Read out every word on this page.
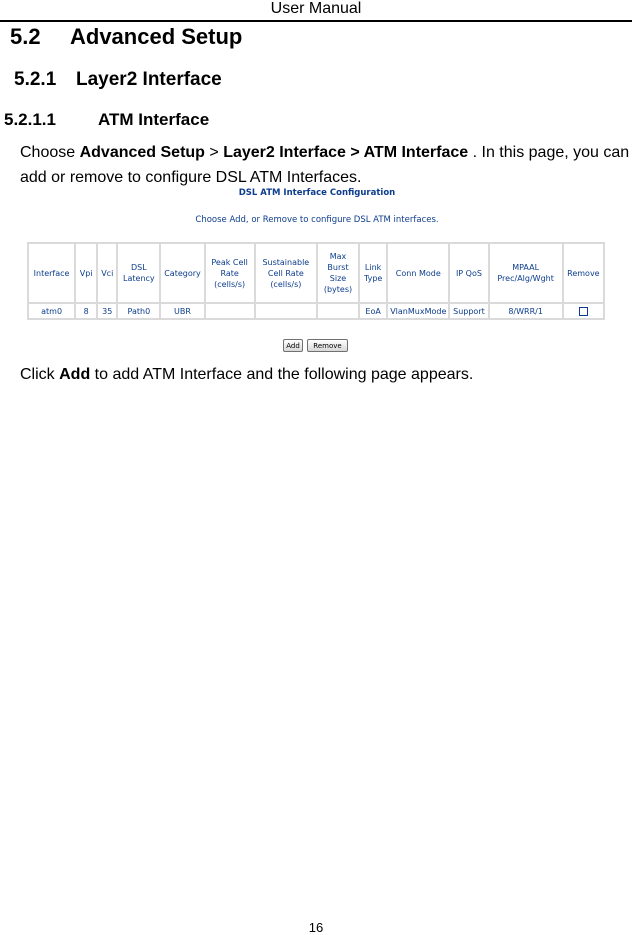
User Manual
5.2 Advanced Setup
5.2.1 Layer2 Interface
5.2.1.1 ATM Interface
Choose Advanced Setup > Layer2 Interface > ATM Interface . In this page, you can add or remove to configure DSL ATM Interfaces.
DSL ATM Interface Configuration
Choose Add, or Remove to configure DSL ATM interfaces.
Interface	Vpi	Vci	DSL Latency	Category	Peak Cell Rate (cells/s)	Sustainable Cell Rate (cells/s)	Max Burst Size (bytes)	Link Type	Conn Mode	IP QoS	MPAAL Prec/Alg/Wght	Remove
atm0	8	35	Path0	UBR				EoA	VlanMuxMode	Support	8/WRR/1	
Add	Remove
Click Add to add ATM Interface and the following page appears.
16
